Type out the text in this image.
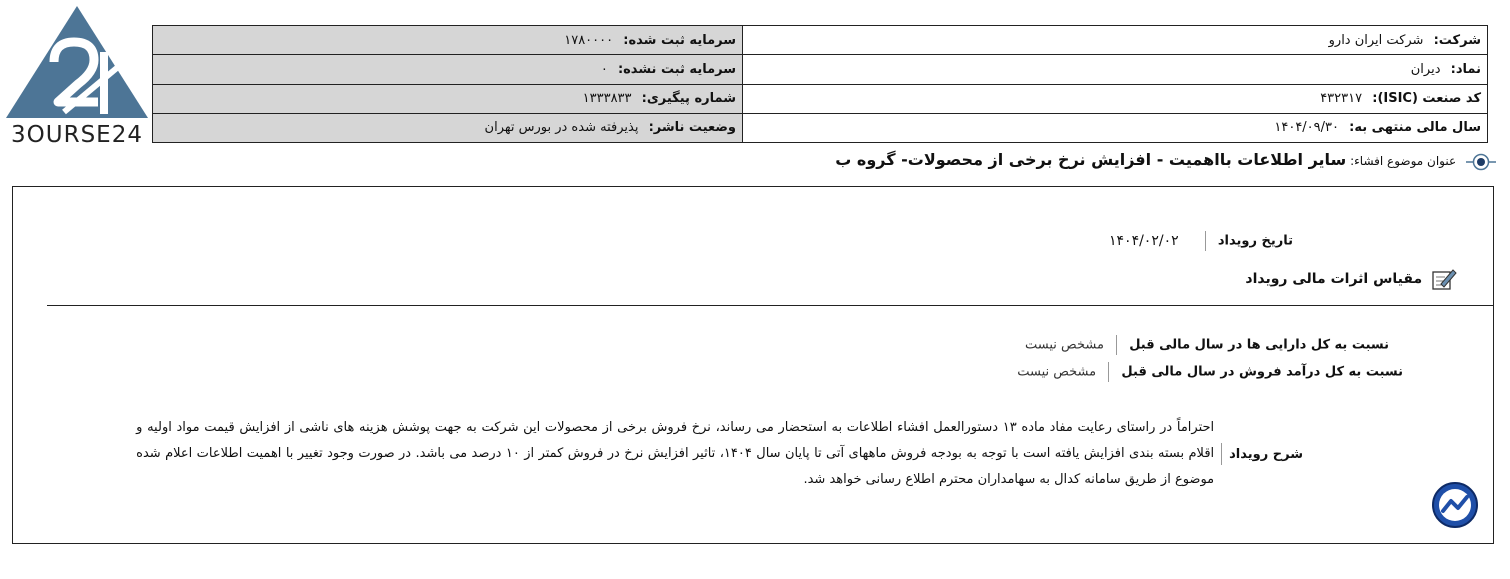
3OURSE24
شرکت: شرکت ایران دارو	سرمایه ثبت شده: ۱۷۸۰۰۰۰
نماد: دیران	سرمایه ثبت نشده: ۰
کد صنعت (ISIC): ۴۳۲۳۱۷	شماره پیگیری: ۱۳۳۳۸۳۳
سال مالی منتهی به: ۱۴۰۴/۰۹/۳۰	وضعیت ناشر: پذیرفته شده در بورس تهران
عنوان موضوع افشاء: سایر اطلاعات بااهمیت - افزایش نرخ برخی از محصولات- گروه ب
تاریخ رویداد  ۱۴۰۴/۰۲/۰۲
مقیاس اثرات مالی رویداد
نسبت به کل دارایی ها در سال مالی قبل  مشخص نیست
نسبت به کل درآمد فروش در سال مالی قبل  مشخص نیست
شرح رویداد
احتراماً در راستای رعایت مفاد ماده ۱۳ دستورالعمل افشاء اطلاعات به استحضار می رساند، نرخ فروش برخی از محصولات این شرکت به جهت پوشش هزینه های ناشی از افزایش قیمت مواد اولیه و اقلام بسته بندی افزایش یافته است با توجه به بودجه فروش ماههای آتی تا پایان سال ۱۴۰۴، تاثیر افزایش نرخ در فروش کمتر از ۱۰ درصد می باشد. در صورت وجود تغییر با اهمیت اطلاعات اعلام شده موضوع از طریق سامانه کدال به سهامداران محترم اطلاع رسانی خواهد شد.
